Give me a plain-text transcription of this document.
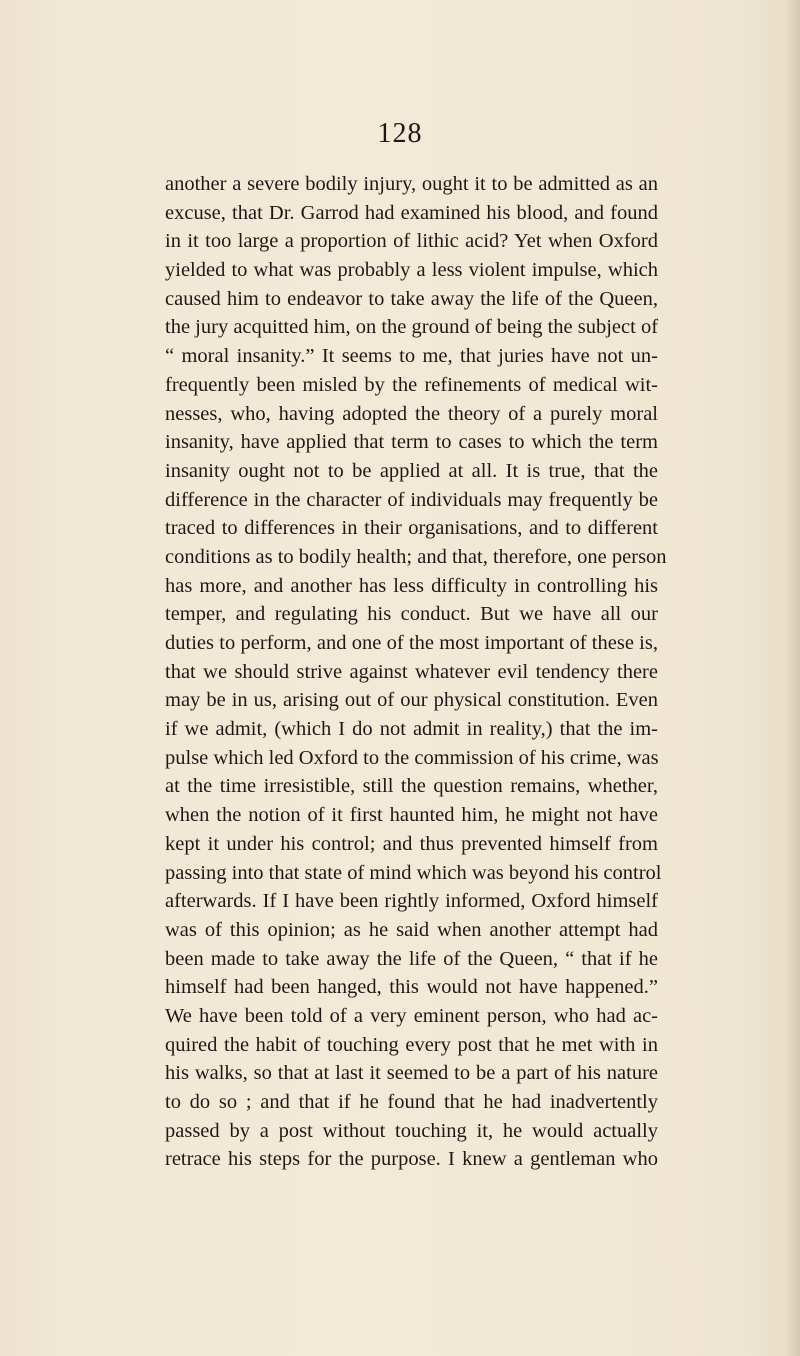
128

another a severe bodily injury, ought it to be admitted as an
excuse, that Dr. Garrod had examined his blood, and found
in it too large a proportion of lithic acid? Yet when Oxford
yielded to what was probably a less violent impulse, which
caused him to endeavor to take away the life of the Queen,
the jury acquitted him, on the ground of being the subject of
“ moral insanity.” It seems to me, that juries have not un-
frequently been misled by the refinements of medical wit-
nesses, who, having adopted the theory of a purely moral
insanity, have applied that term to cases to which the term
insanity ought not to be applied at all. It is true, that the
difference in the character of individuals may frequently be
traced to differences in their organisations, and to different
conditions as to bodily health; and that, therefore, one person
has more, and another has less difficulty in controlling his
temper, and regulating his conduct. But we have all our
duties to perform, and one of the most important of these is,
that we should strive against whatever evil tendency there
may be in us, arising out of our physical constitution. Even
if we admit, (which I do not admit in reality,) that the im-
pulse which led Oxford to the commission of his crime, was
at the time irresistible, still the question remains, whether,
when the notion of it first haunted him, he might not have
kept it under his control; and thus prevented himself from
passing into that state of mind which was beyond his control
afterwards. If I have been rightly informed, Oxford himself
was of this opinion; as he said when another attempt had
been made to take away the life of the Queen, “ that if he
himself had been hanged, this would not have happened.”
We have been told of a very eminent person, who had ac-
quired the habit of touching every post that he met with in
his walks, so that at last it seemed to be a part of his nature
to do so ; and that if he found that he had inadvertently
passed by a post without touching it, he would actually
retrace his steps for the purpose. I knew a gentleman who
